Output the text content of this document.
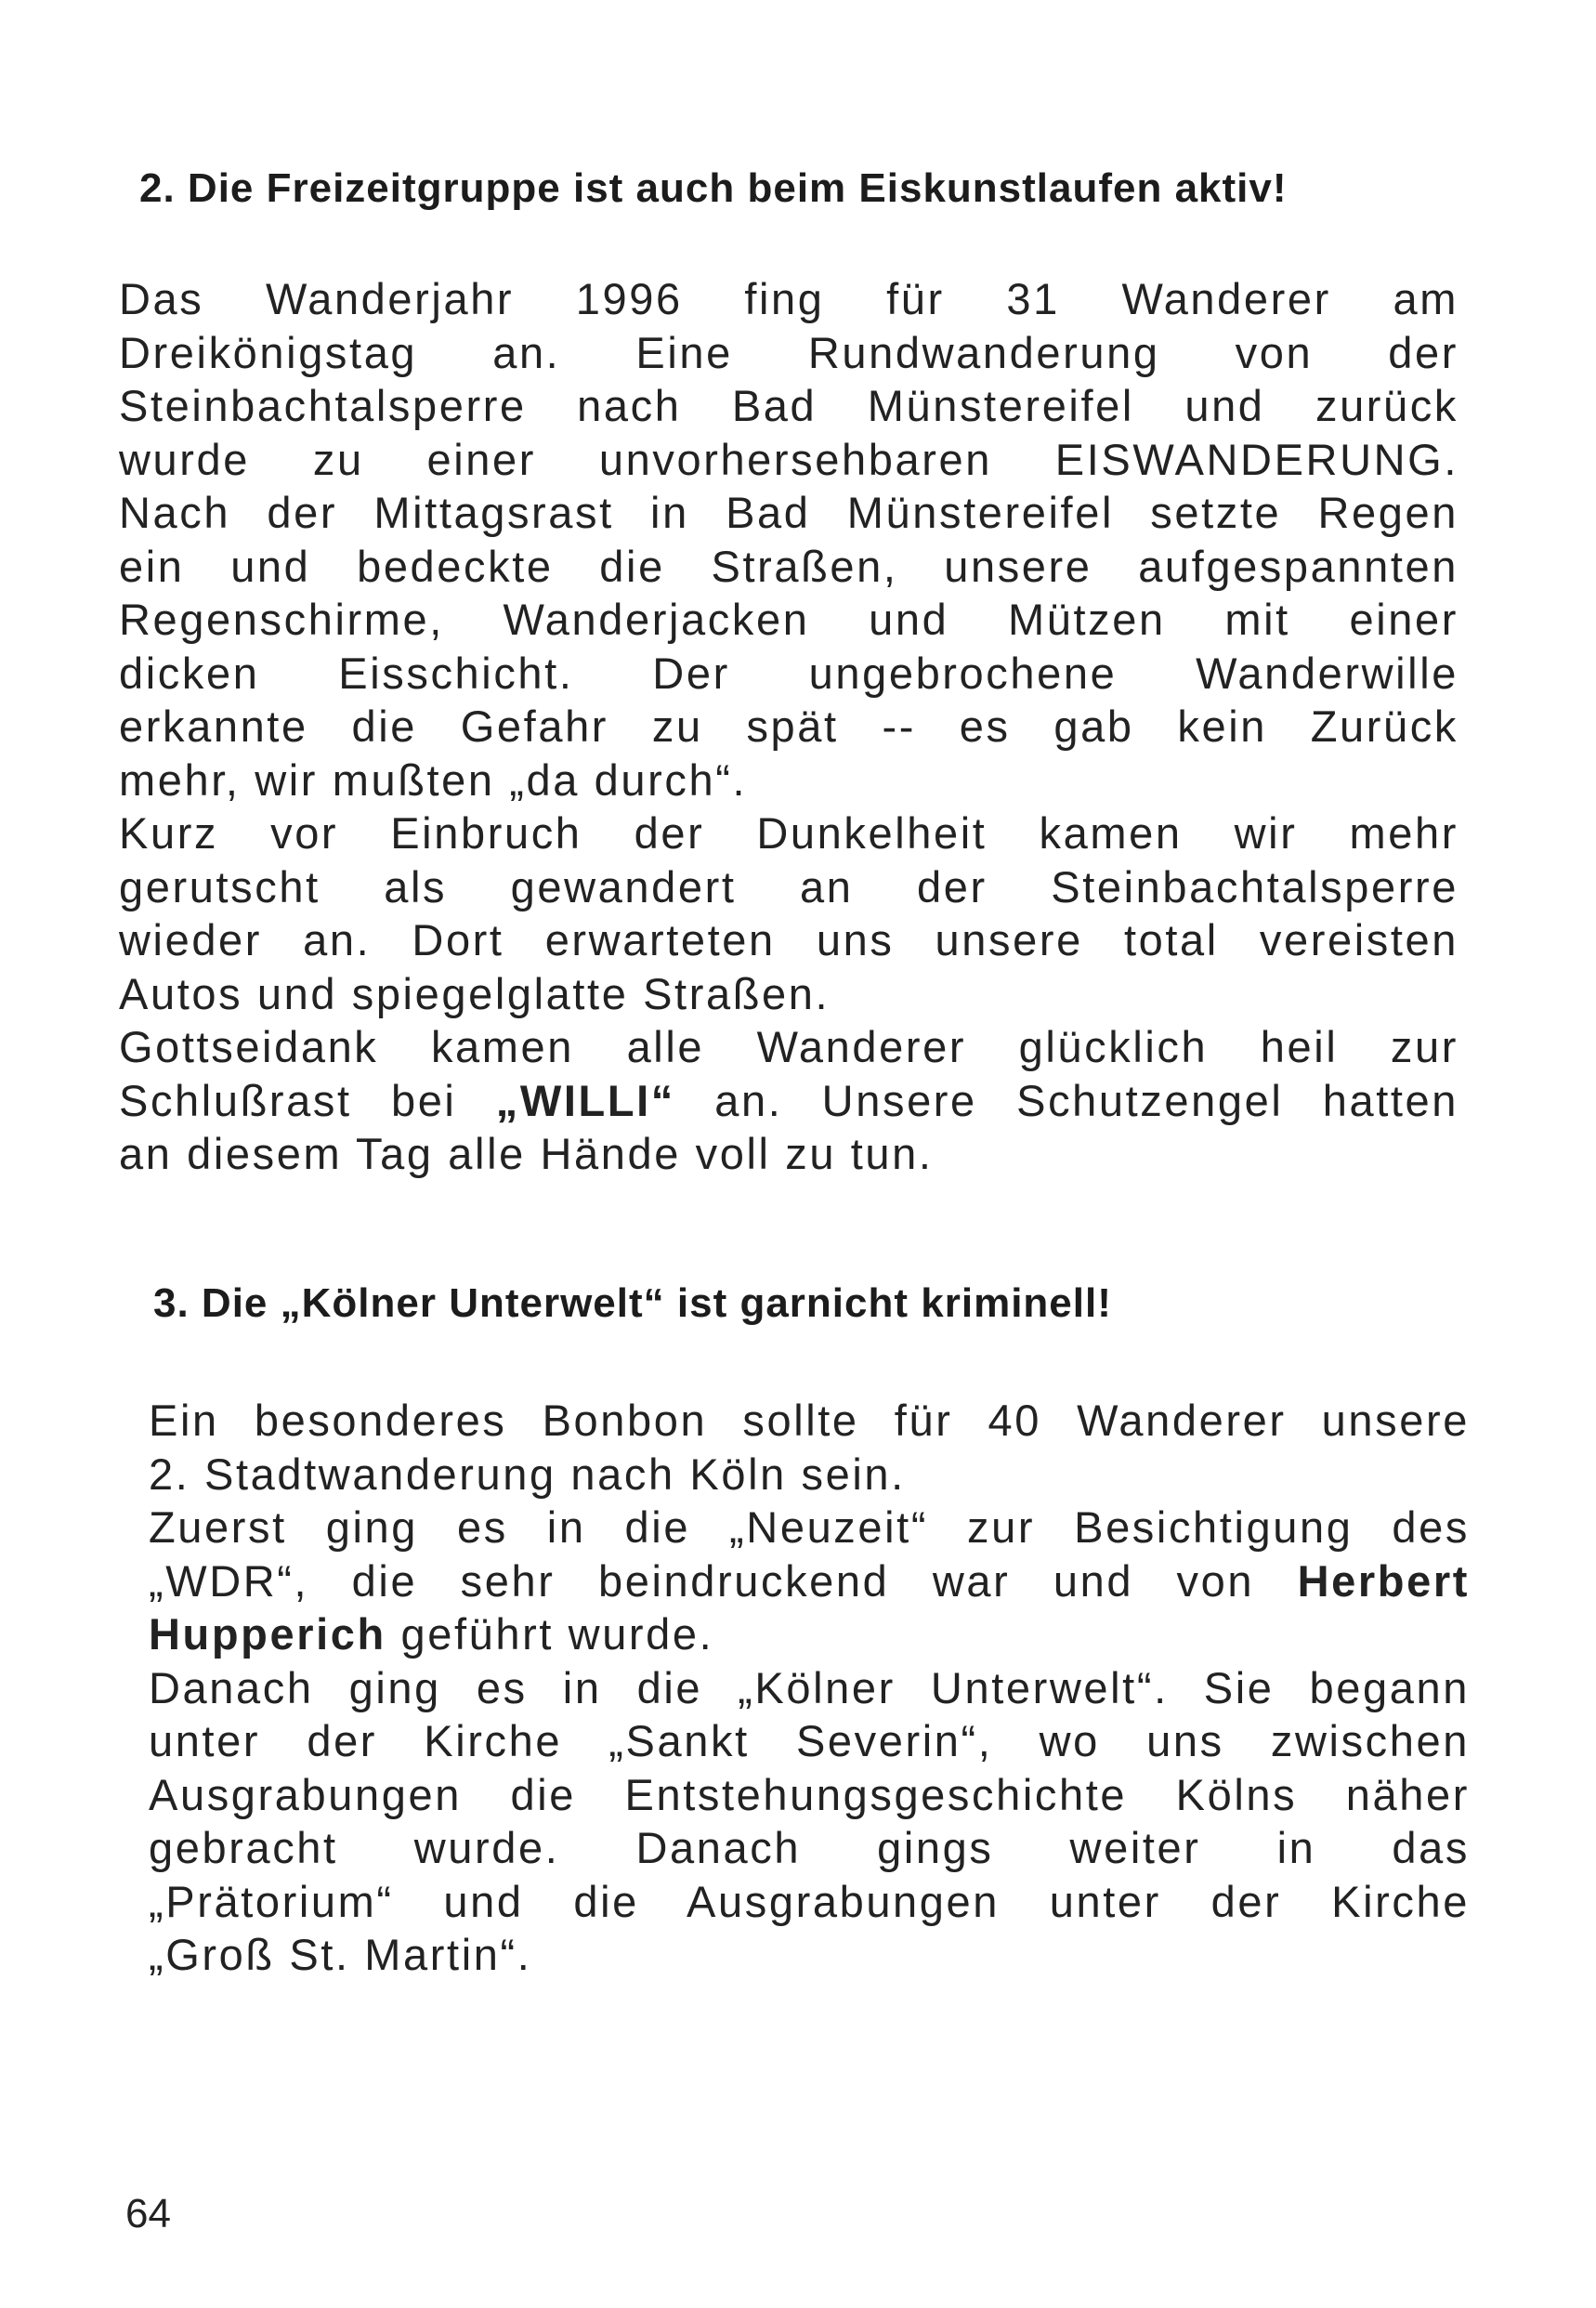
2. Die Freizeitgruppe ist auch beim Eiskunstlaufen aktiv!
Das Wanderjahr 1996 fing für 31 Wanderer am
Dreikönigstag an. Eine Rundwanderung von der
Steinbachtalsperre nach Bad Münstereifel und zurück
wurde zu einer unvorhersehbaren EISWANDERUNG.
Nach der Mittagsrast in Bad Münstereifel setzte Regen
ein und bedeckte die Straßen, unsere aufgespannten
Regenschirme, Wanderjacken und Mützen mit einer
dicken Eisschicht. Der ungebrochene Wanderwille
erkannte die Gefahr zu spät -- es gab kein Zurück
mehr, wir mußten „da durch“.
Kurz vor Einbruch der Dunkelheit kamen wir mehr
gerutscht als gewandert an der Steinbachtalsperre
wieder an. Dort erwarteten uns unsere total vereisten
Autos und spiegelglatte Straßen.
Gottseidank kamen alle Wanderer glücklich heil zur
Schlußrast bei „WILLI“ an. Unsere Schutzengel hatten
an diesem Tag alle Hände voll zu tun.
3. Die „Kölner Unterwelt“ ist garnicht kriminell!
Ein besonderes Bonbon sollte für 40 Wanderer unsere
2. Stadtwanderung nach Köln sein.
Zuerst ging es in die „Neuzeit“ zur Besichtigung des
„WDR“, die sehr beindruckend war und von Herbert
Hupperich geführt wurde.
Danach ging es in die „Kölner Unterwelt“. Sie begann
unter der Kirche „Sankt Severin“, wo uns zwischen
Ausgrabungen die Entstehungsgeschichte Kölns näher
gebracht wurde. Danach gings weiter in das
„Prätorium“ und die Ausgrabungen unter der Kirche
„Groß St. Martin“.
64
